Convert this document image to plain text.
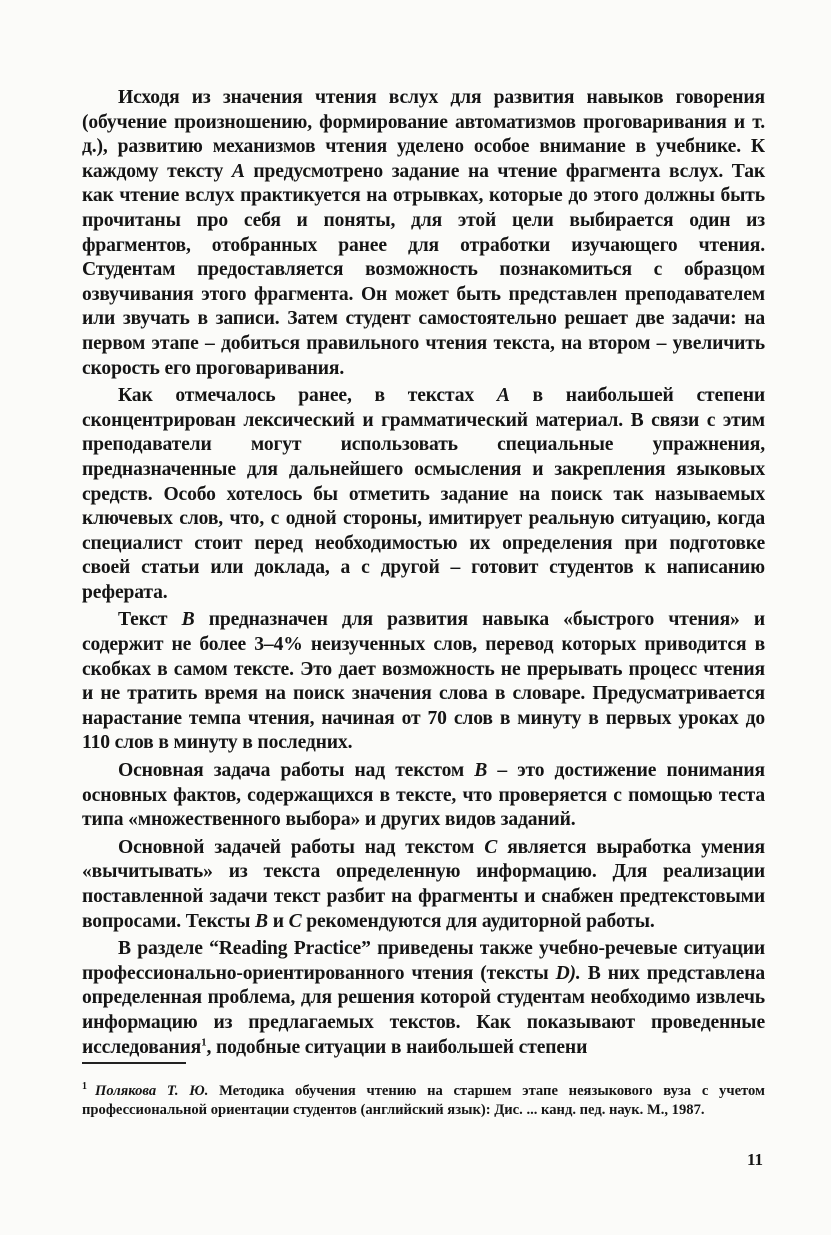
Исходя из значения чтения вслух для развития навыков говорения (обучение произношению, формирование автоматизмов проговаривания и т. д.), развитию механизмов чтения уделено особое внимание в учебнике. К каждому тексту А предусмотрено задание на чтение фрагмента вслух. Так как чтение вслух практикуется на отрывках, которые до этого должны быть прочитаны про себя и поняты, для этой цели выбирается один из фрагментов, отобранных ранее для отработки изучающего чтения. Студентам предоставляется возможность познакомиться с образцом озвучивания этого фрагмента. Он может быть представлен преподавателем или звучать в записи. Затем студент самостоятельно решает две задачи: на первом этапе – добиться правильного чтения текста, на втором – увеличить скорость его проговаривания.

Как отмечалось ранее, в текстах А в наибольшей степени сконцентрирован лексический и грамматический материал. В связи с этим преподаватели могут использовать специальные упражнения, предназначенные для дальнейшего осмысления и закрепления языковых средств. Особо хотелось бы отметить задание на поиск так называемых ключевых слов, что, с одной стороны, имитирует реальную ситуацию, когда специалист стоит перед необходимостью их определения при подготовке своей статьи или доклада, а с другой – готовит студентов к написанию реферата.

Текст В предназначен для развития навыка «быстрого чтения» и содержит не более 3–4% неизученных слов, перевод которых приводится в скобках в самом тексте. Это дает возможность не прерывать процесс чтения и не тратить время на поиск значения слова в словаре. Предусматривается нарастание темпа чтения, начиная от 70 слов в минуту в первых уроках до 110 слов в минуту в последних.

Основная задача работы над текстом В – это достижение понимания основных фактов, содержащихся в тексте, что проверяется с помощью теста типа «множественного выбора» и других видов заданий.

Основной задачей работы над текстом С является выработка умения «вычитывать» из текста определенную информацию. Для реализации поставленной задачи текст разбит на фрагменты и снабжен предтекстовыми вопросами. Тексты В и С рекомендуются для аудиторной работы.

В разделе “Reading Practice” приведены также учебно-речевые ситуации профессионально-ориентированного чтения (тексты D). В них представлена определенная проблема, для решения которой студентам необходимо извлечь информацию из предлагаемых текстов. Как показывают проведенные исследования$^1$, подобные ситуации в наибольшей степени

$^1$ Полякова Т. Ю. Методика обучения чтению на старшем этапе неязыкового вуза с учетом профессиональной ориентации студентов (английский язык): Дис. ... канд. пед. наук. М., 1987.
11
